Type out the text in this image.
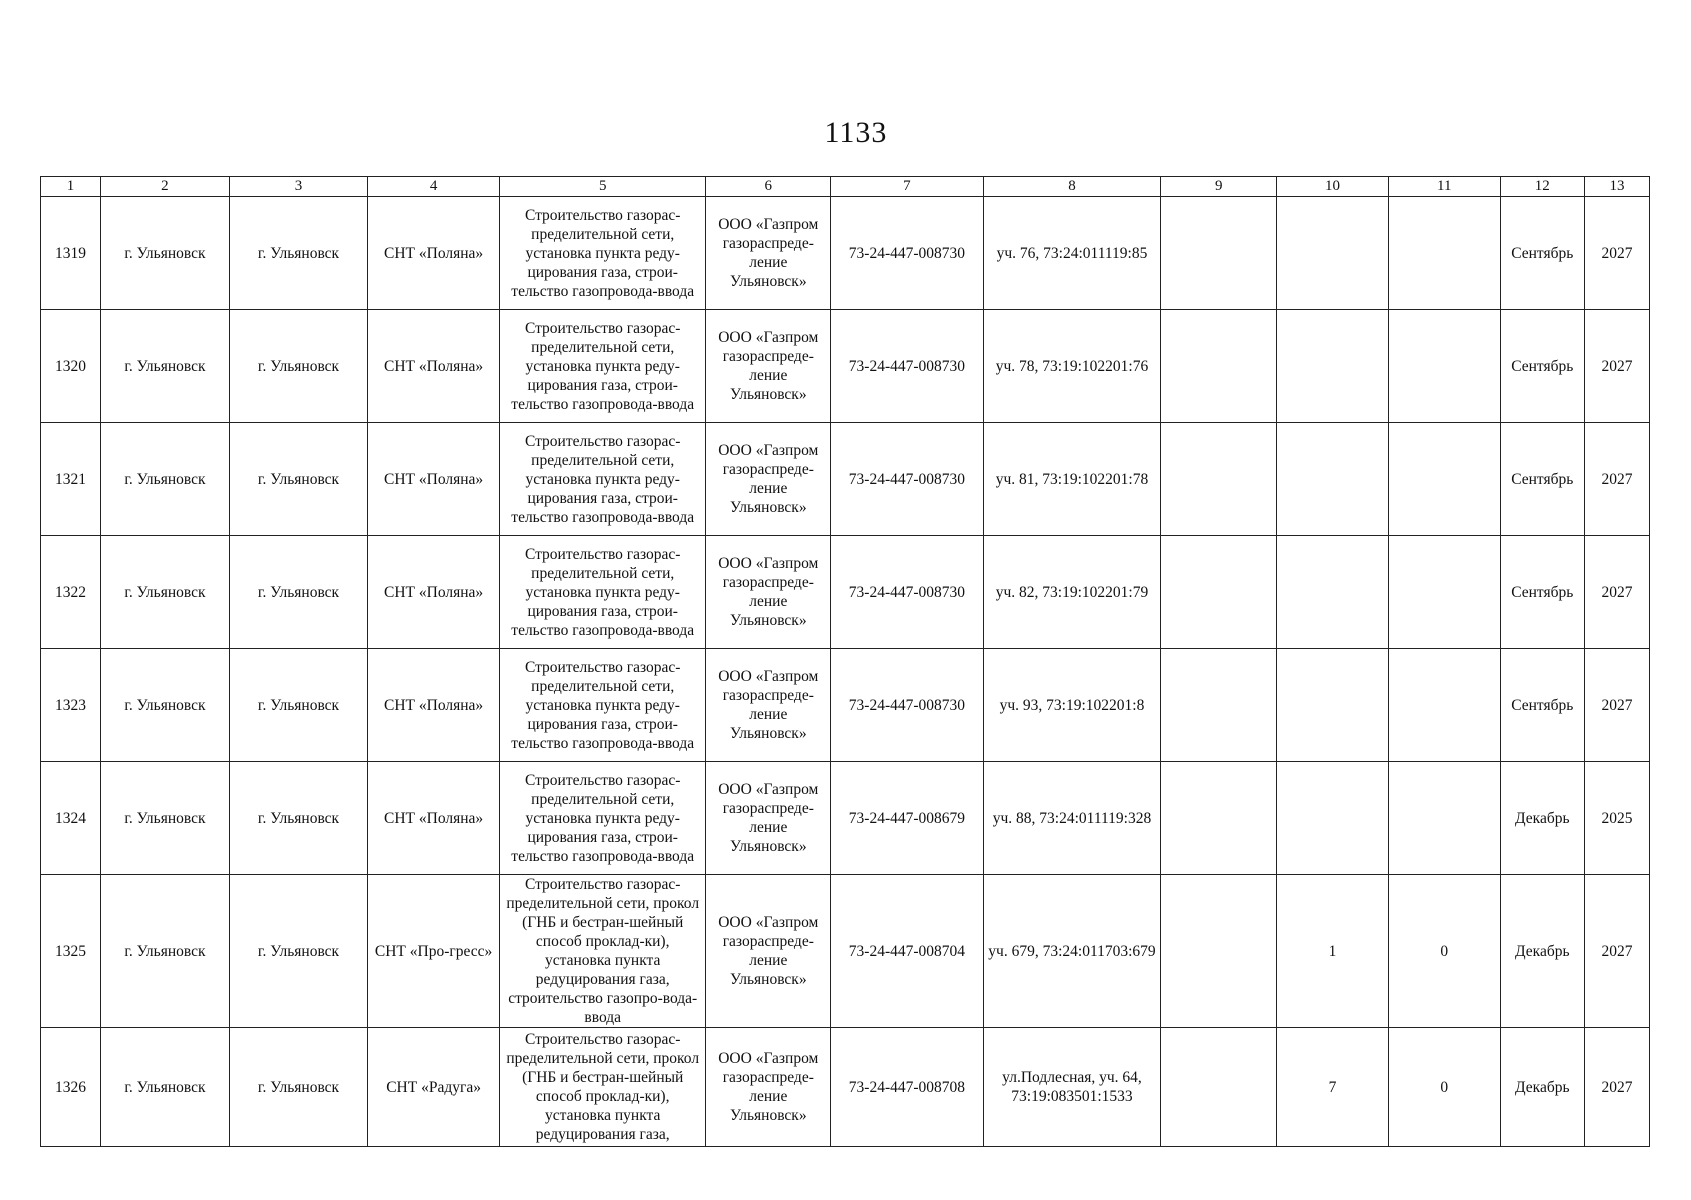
1133
1	2	3	4	5	6	7	8	9	10	11	12	13
1319	г. Ульяновск	г. Ульяновск	СНТ «Поляна»	Строительство газорас-пределительной сети, установка пункта реду-цирования газа, строи-тельство газопровода-ввода	ООО «Газпром газораспреде-ление Ульяновск»	73-24-447-008730	уч. 76, 73:24:011119:85				Сентябрь	2027
1320	г. Ульяновск	г. Ульяновск	СНТ «Поляна»	Строительство газорас-пределительной сети, установка пункта реду-цирования газа, строи-тельство газопровода-ввода	ООО «Газпром газораспреде-ление Ульяновск»	73-24-447-008730	уч. 78, 73:19:102201:76				Сентябрь	2027
1321	г. Ульяновск	г. Ульяновск	СНТ «Поляна»	Строительство газорас-пределительной сети, установка пункта реду-цирования газа, строи-тельство газопровода-ввода	ООО «Газпром газораспреде-ление Ульяновск»	73-24-447-008730	уч. 81, 73:19:102201:78				Сентябрь	2027
1322	г. Ульяновск	г. Ульяновск	СНТ «Поляна»	Строительство газорас-пределительной сети, установка пункта реду-цирования газа, строи-тельство газопровода-ввода	ООО «Газпром газораспреде-ление Ульяновск»	73-24-447-008730	уч. 82, 73:19:102201:79				Сентябрь	2027
1323	г. Ульяновск	г. Ульяновск	СНТ «Поляна»	Строительство газорас-пределительной сети, установка пункта реду-цирования газа, строи-тельство газопровода-ввода	ООО «Газпром газораспреде-ление Ульяновск»	73-24-447-008730	уч. 93, 73:19:102201:8				Сентябрь	2027
1324	г. Ульяновск	г. Ульяновск	СНТ «Поляна»	Строительство газорас-пределительной сети, установка пункта реду-цирования газа, строи-тельство газопровода-ввода	ООО «Газпром газораспреде-ление Ульяновск»	73-24-447-008679	уч. 88, 73:24:011119:328				Декабрь	2025
1325	г. Ульяновск	г. Ульяновск	СНТ «Про-гресс»	Строительство газорас-пределительной сети, прокол (ГНБ и бестран-шейный способ проклад-ки), установка пункта редуцирования газа, строительство газопро-вода-ввода	ООО «Газпром газораспреде-ление Ульяновск»	73-24-447-008704	уч. 679, 73:24:011703:679		1	0	Декабрь	2027
1326	г. Ульяновск	г. Ульяновск	СНТ «Радуга»	Строительство газорас-пределительной сети, прокол (ГНБ и бестран-шейный способ проклад-ки), установка пункта редуцирования газа,	ООО «Газпром газораспреде-ление Ульяновск»	73-24-447-008708	ул.Подлесная, уч. 64, 73:19:083501:1533		7	0	Декабрь	2027
